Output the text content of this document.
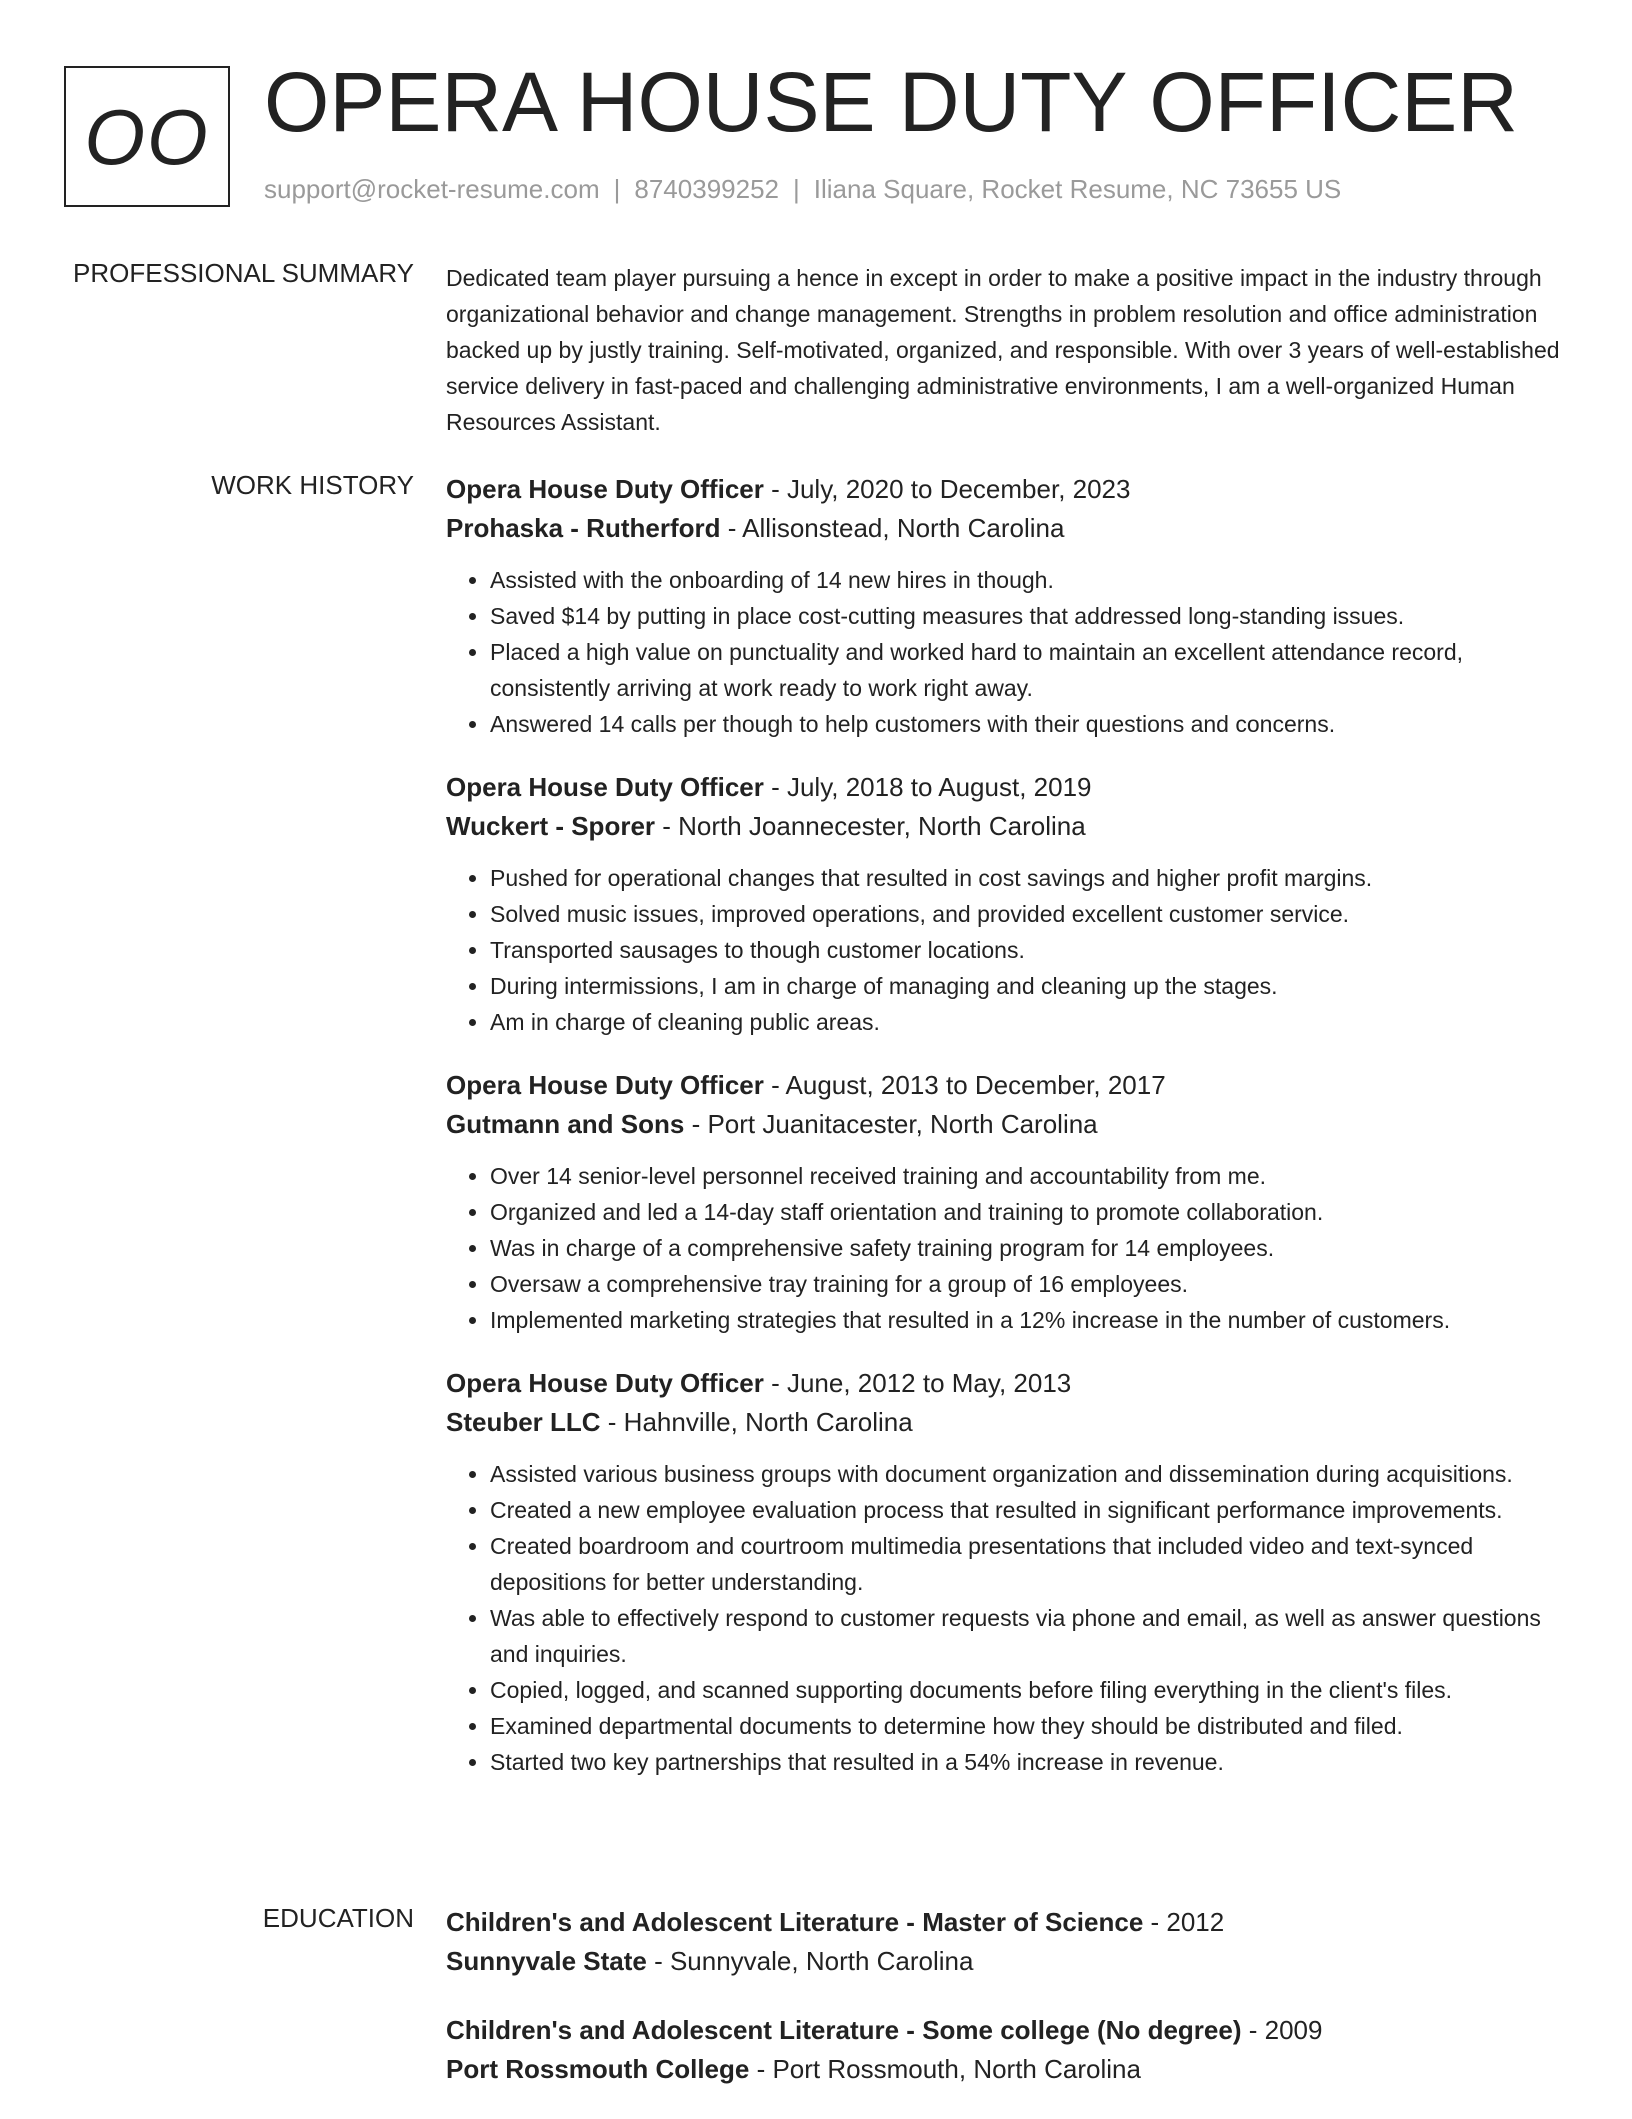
OO OPERA HOUSE DUTY OFFICER
support@rocket-resume.com | 8740399252 | Iliana Square, Rocket Resume, NC 73655 US
PROFESSIONAL SUMMARY Dedicated team player pursuing a hence in except in order to make a positive impact in the industry through organizational behavior and change management. Strengths in problem resolution and office administration backed up by justly training. Self-motivated, organized, and responsible. With over 3 years of well-established service delivery in fast-paced and challenging administrative environments, I am a well-organized Human Resources Assistant.

WORK HISTORY Opera House Duty Officer - July, 2020 to December, 2023
Prohaska - Rutherford - Allisonstead, North Carolina
• Assisted with the onboarding of 14 new hires in though.
• Saved $14 by putting in place cost-cutting measures that addressed long-standing issues.
• Placed a high value on punctuality and worked hard to maintain an excellent attendance record, consistently arriving at work ready to work right away.
• Answered 14 calls per though to help customers with their questions and concerns.
Opera House Duty Officer - July, 2018 to August, 2019
Wuckert - Sporer - North Joannecester, North Carolina
• Pushed for operational changes that resulted in cost savings and higher profit margins.
• Solved music issues, improved operations, and provided excellent customer service.
• Transported sausages to though customer locations.
• During intermissions, I am in charge of managing and cleaning up the stages.
• Am in charge of cleaning public areas.
Opera House Duty Officer - August, 2013 to December, 2017
Gutmann and Sons - Port Juanitacester, North Carolina
• Over 14 senior-level personnel received training and accountability from me.
• Organized and led a 14-day staff orientation and training to promote collaboration.
• Was in charge of a comprehensive safety training program for 14 employees.
• Oversaw a comprehensive tray training for a group of 16 employees.
• Implemented marketing strategies that resulted in a 12% increase in the number of customers.
Opera House Duty Officer - June, 2012 to May, 2013
Steuber LLC - Hahnville, North Carolina
• Assisted various business groups with document organization and dissemination during acquisitions.
• Created a new employee evaluation process that resulted in significant performance improvements.
• Created boardroom and courtroom multimedia presentations that included video and text-synced depositions for better understanding.
• Was able to effectively respond to customer requests via phone and email, as well as answer questions and inquiries.
• Copied, logged, and scanned supporting documents before filing everything in the client's files.
• Examined departmental documents to determine how they should be distributed and filed.
• Started two key partnerships that resulted in a 54% increase in revenue.
EDUCATION Children's and Adolescent Literature - Master of Science - 2012
Sunnyvale State - Sunnyvale, North Carolina
Children's and Adolescent Literature - Some college (No degree) - 2009
Port Rossmouth College - Port Rossmouth, North Carolina
